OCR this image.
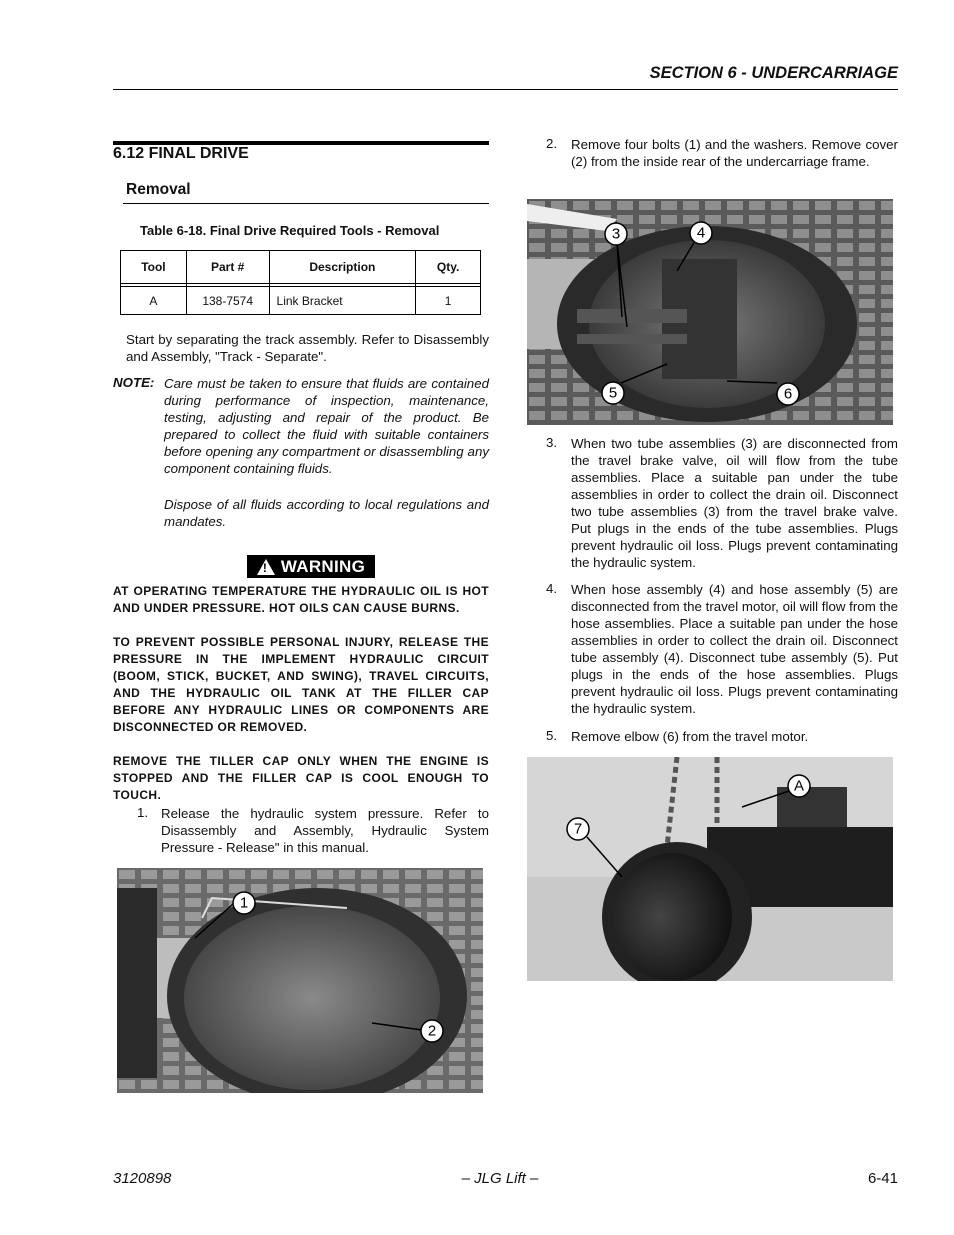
SECTION 6 - UNDERCARRIAGE
6.12 FINAL DRIVE
Removal
Table 6-18. Final Drive Required Tools - Removal
Tool	Part #	Description	Qty.

A	138-7574	Link Bracket	1
Start by separating the track assembly. Refer to Disassembly and Assembly, "Track - Separate".
NOTE: Care must be taken to ensure that fluids are contained during performance of inspection, maintenance, testing, adjusting and repair of the product. Be prepared to collect the fluid with suitable containers before opening any compartment or disassembling any component containing fluids.
Dispose of all fluids according to local regulations and mandates.
! WARNING
AT OPERATING TEMPERATURE THE HYDRAULIC OIL IS HOT AND UNDER PRESSURE. HOT OILS CAN CAUSE BURNS.
TO PREVENT POSSIBLE PERSONAL INJURY, RELEASE THE PRESSURE IN THE IMPLEMENT HYDRAULIC CIRCUIT (BOOM, STICK, BUCKET, AND SWING), TRAVEL CIRCUITS, AND THE HYDRAULIC OIL TANK AT THE FILLER CAP BEFORE ANY HYDRAULIC LINES OR COMPONENTS ARE DISCONNECTED OR REMOVED.
REMOVE THE TILLER CAP ONLY WHEN THE ENGINE IS STOPPED AND THE FILLER CAP IS COOL ENOUGH TO TOUCH.
1. Release the hydraulic system pressure. Refer to Disassembly and Assembly, Hydraulic System Pressure - Release" in this manual.
1
2
2. Remove four bolts (1) and the washers. Remove cover (2) from the inside rear of the undercarriage frame.
3	4
5	6
3. When two tube assemblies (3) are disconnected from the travel brake valve, oil will flow from the tube assemblies. Place a suitable pan under the tube assemblies in order to collect the drain oil. Disconnect two tube assemblies (3) from the travel brake valve. Put plugs in the ends of the tube assemblies. Plugs prevent hydraulic oil loss. Plugs prevent contaminating the hydraulic system.
4. When hose assembly (4) and hose assembly (5) are disconnected from the travel motor, oil will flow from the hose assemblies. Place a suitable pan under the hose assemblies in order to collect the drain oil. Disconnect tube assembly (4). Disconnect tube assembly (5). Put plugs in the ends of the hose assemblies. Plugs prevent hydraulic oil loss. Plugs prevent contaminating the hydraulic system.
5. Remove elbow (6) from the travel motor.
A
7
3120898	– JLG Lift –	6-41
